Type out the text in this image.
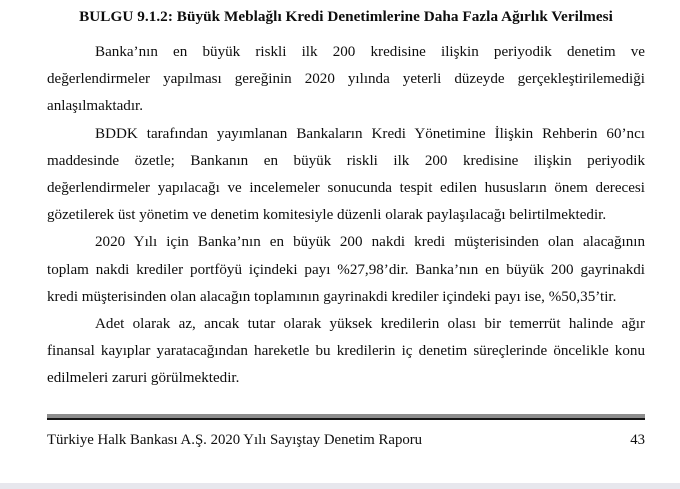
BULGU 9.1.2: Büyük Meblağlı Kredi Denetimlerine Daha Fazla Ağırlık Verilmesi

Banka’nın en büyük riskli ilk 200 kredisine ilişkin periyodik denetim ve
değerlendirmeler yapılması gereğinin 2020 yılında yeterli düzeyde gerçekleştirilemediği
anlaşılmaktadır.

BDDK tarafından yayımlanan Bankaların Kredi Yönetimine İlişkin Rehberin 60’ncı
maddesinde özetle; Bankanın en büyük riskli ilk 200 kredisine ilişkin periyodik
değerlendirmeler yapılacağı ve incelemeler sonucunda tespit edilen hususların önem derecesi
gözetilerek üst yönetim ve denetim komitesiyle düzenli olarak paylaşılacağı belirtilmektedir.

2020 Yılı için Banka’nın en büyük 200 nakdi kredi müşterisinden olan alacağının
toplam nakdi krediler portföyü içindeki payı %27,98’dir. Banka’nın en büyük 200 gayrinakdi
kredi müşterisinden olan alacağın toplamının gayrinakdi krediler içindeki payı ise, %50,35’tir.

Adet olarak az, ancak tutar olarak yüksek kredilerin olası bir temerrüt halinde ağır
finansal kayıplar yaratacağından hareketle bu kredilerin iç denetim süreçlerinde öncelikle konu
edilmeleri zaruri görülmektedir.

Türkiye Halk Bankası A.Ş. 2020 Yılı Sayıştay Denetim Raporu	43
